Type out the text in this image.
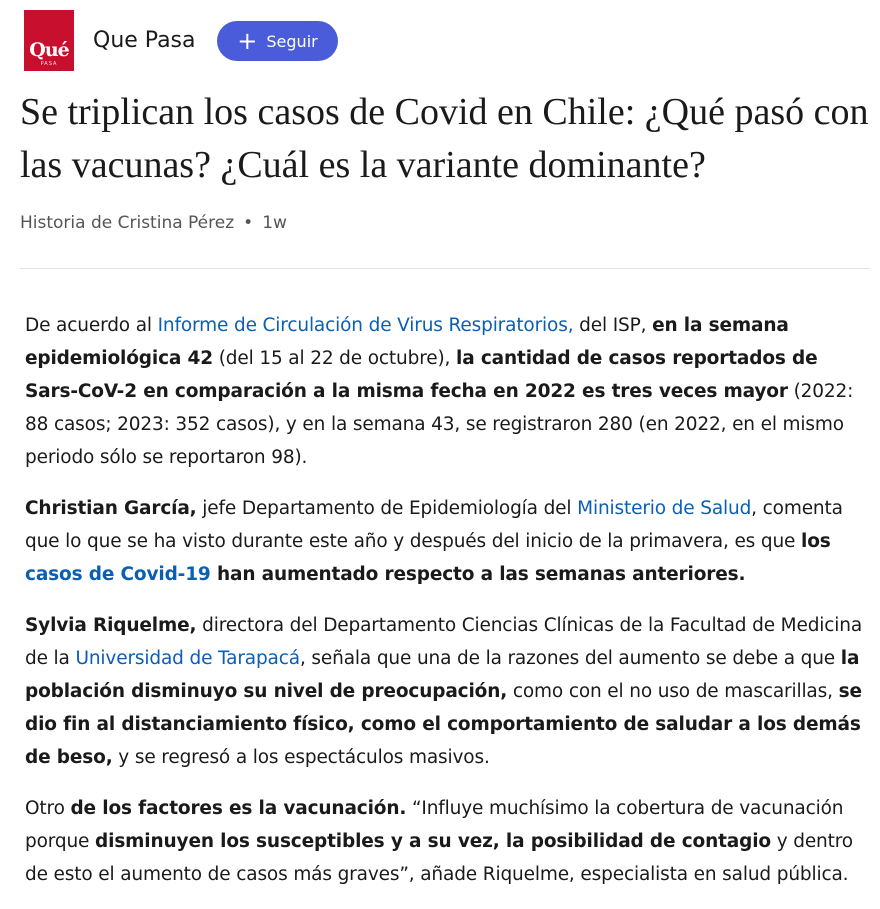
Qué
PASA
Que Pasa + Seguir
Se triplican los casos de Covid en Chile: ¿Qué pasó con las vacunas? ¿Cuál es la variante dominante?
Historia de Cristina Pérez • 1w

De acuerdo al Informe de Circulación de Virus Respiratorios, del ISP, en la semana epidemiológica 42 (del 15 al 22 de octubre), la cantidad de casos reportados de Sars-CoV-2 en comparación a la misma fecha en 2022 es tres veces mayor (2022: 88 casos; 2023: 352 casos), y en la semana 43, se registraron 280 (en 2022, en el mismo periodo sólo se reportaron 98).

Christian García, jefe Departamento de Epidemiología del Ministerio de Salud, comenta que lo que se ha visto durante este año y después del inicio de la primavera, es que los casos de Covid-19 han aumentado respecto a las semanas anteriores.

Sylvia Riquelme, directora del Departamento Ciencias Clínicas de la Facultad de Medicina de la Universidad de Tarapacá, señala que una de la razones del aumento se debe a que la población disminuyo su nivel de preocupación, como con el no uso de mascarillas, se dio fin al distanciamiento físico, como el comportamiento de saludar a los demás de beso, y se regresó a los espectáculos masivos.

Otro de los factores es la vacunación. “Influye muchísimo la cobertura de vacunación porque disminuyen los susceptibles y a su vez, la posibilidad de contagio y dentro de esto el aumento de casos más graves”, añade Riquelme, especialista en salud pública.
